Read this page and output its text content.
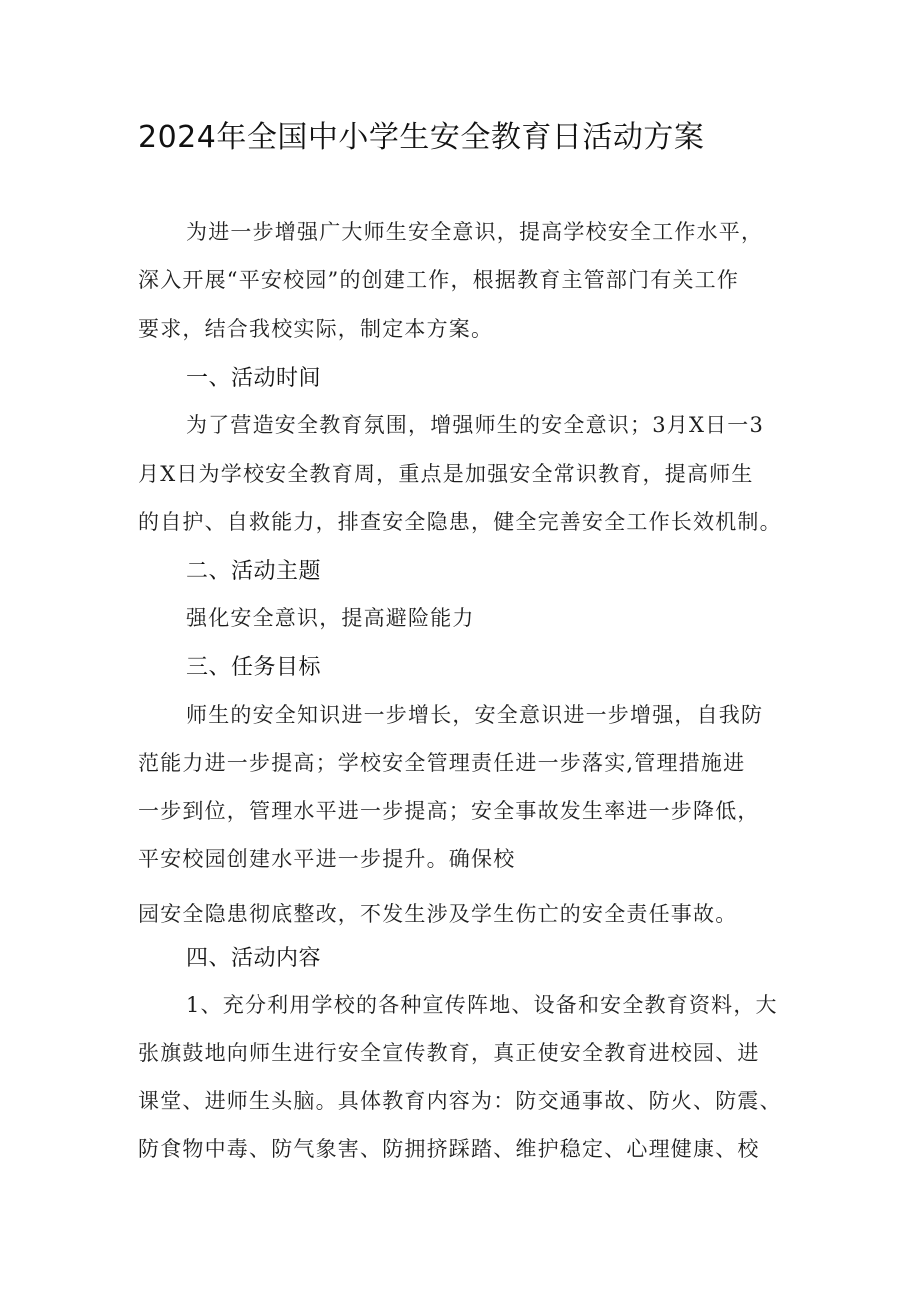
2024年全国中小学生安全教育日活动方案
为进一步增强广大师生安全意识，提高学校安全工作水平，
深入开展“平安校园”的创建工作，根据教育主管部门有关工作
要求，结合我校实际，制定本方案。
一、活动时间
为了营造安全教育氛围，增强师生的安全意识；3月X日一3
月X日为学校安全教育周，重点是加强安全常识教育，提高师生
的自护、自救能力，排查安全隐患，健全完善安全工作长效机制。
二、活动主题
强化安全意识，提高避险能力
三、任务目标
师生的安全知识进一步增长，安全意识进一步增强，自我防
范能力进一步提高；学校安全管理责任进一步落实,管理措施进
一步到位，管理水平进一步提高；安全事故发生率进一步降低，
平安校园创建水平进一步提升。确保校
园安全隐患彻底整改，不发生涉及学生伤亡的安全责任事故。
四、活动内容
1、充分利用学校的各种宣传阵地、设备和安全教育资料，大
张旗鼓地向师生进行安全宣传教育，真正使安全教育进校园、进
课堂、进师生头脑。具体教育内容为：防交通事故、防火、防震、
防食物中毒、防气象害、防拥挤踩踏、维护稳定、心理健康、校
